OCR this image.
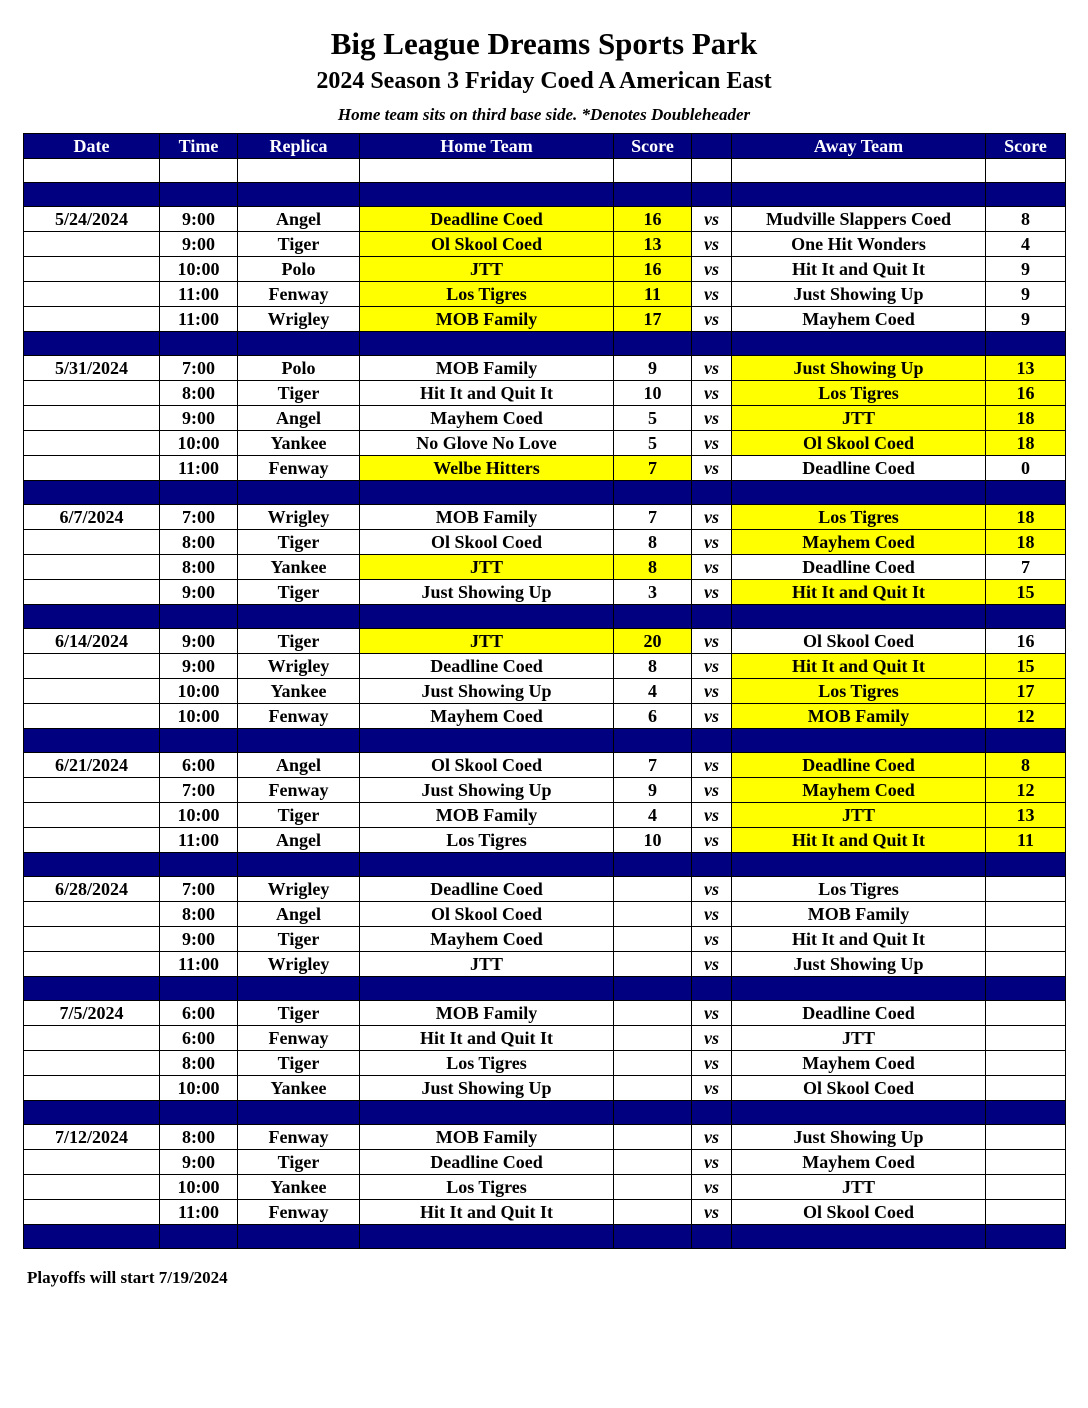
Big League Dreams Sports Park
2024 Season 3 Friday Coed A American East
Home team sits on third base side. *Denotes Doubleheader
Date	Time	Replica	Home Team	Score		Away Team	Score

5/24/2024	9:00	Angel	Deadline Coed	16	vs	Mudville Slappers Coed	8
	9:00	Tiger	Ol Skool Coed	13	vs	One Hit Wonders	4
	10:00	Polo	JTT	16	vs	Hit It and Quit It	9
	11:00	Fenway	Los Tigres	11	vs	Just Showing Up	9
	11:00	Wrigley	MOB Family	17	vs	Mayhem Coed	9

5/31/2024	7:00	Polo	MOB Family	9	vs	Just Showing Up	13
	8:00	Tiger	Hit It and Quit It	10	vs	Los Tigres	16
	9:00	Angel	Mayhem Coed	5	vs	JTT	18
	10:00	Yankee	No Glove No Love	5	vs	Ol Skool Coed	18
	11:00	Fenway	Welbe Hitters	7	vs	Deadline Coed	0

6/7/2024	7:00	Wrigley	MOB Family	7	vs	Los Tigres	18
	8:00	Tiger	Ol Skool Coed	8	vs	Mayhem Coed	18
	8:00	Yankee	JTT	8	vs	Deadline Coed	7
	9:00	Tiger	Just Showing Up	3	vs	Hit It and Quit It	15

6/14/2024	9:00	Tiger	JTT	20	vs	Ol Skool Coed	16
	9:00	Wrigley	Deadline Coed	8	vs	Hit It and Quit It	15
	10:00	Yankee	Just Showing Up	4	vs	Los Tigres	17
	10:00	Fenway	Mayhem Coed	6	vs	MOB Family	12

6/21/2024	6:00	Angel	Ol Skool Coed	7	vs	Deadline Coed	8
	7:00	Fenway	Just Showing Up	9	vs	Mayhem Coed	12
	10:00	Tiger	MOB Family	4	vs	JTT	13
	11:00	Angel	Los Tigres	10	vs	Hit It and Quit It	11

6/28/2024	7:00	Wrigley	Deadline Coed		vs	Los Tigres	
	8:00	Angel	Ol Skool Coed		vs	MOB Family	
	9:00	Tiger	Mayhem Coed		vs	Hit It and Quit It	
	11:00	Wrigley	JTT		vs	Just Showing Up	

7/5/2024	6:00	Tiger	MOB Family		vs	Deadline Coed	
	6:00	Fenway	Hit It and Quit It		vs	JTT	
	8:00	Tiger	Los Tigres		vs	Mayhem Coed	
	10:00	Yankee	Just Showing Up		vs	Ol Skool Coed	

7/12/2024	8:00	Fenway	MOB Family		vs	Just Showing Up	
	9:00	Tiger	Deadline Coed		vs	Mayhem Coed	
	10:00	Yankee	Los Tigres		vs	JTT	
	11:00	Fenway	Hit It and Quit It		vs	Ol Skool Coed	

Playoffs will start 7/19/2024
